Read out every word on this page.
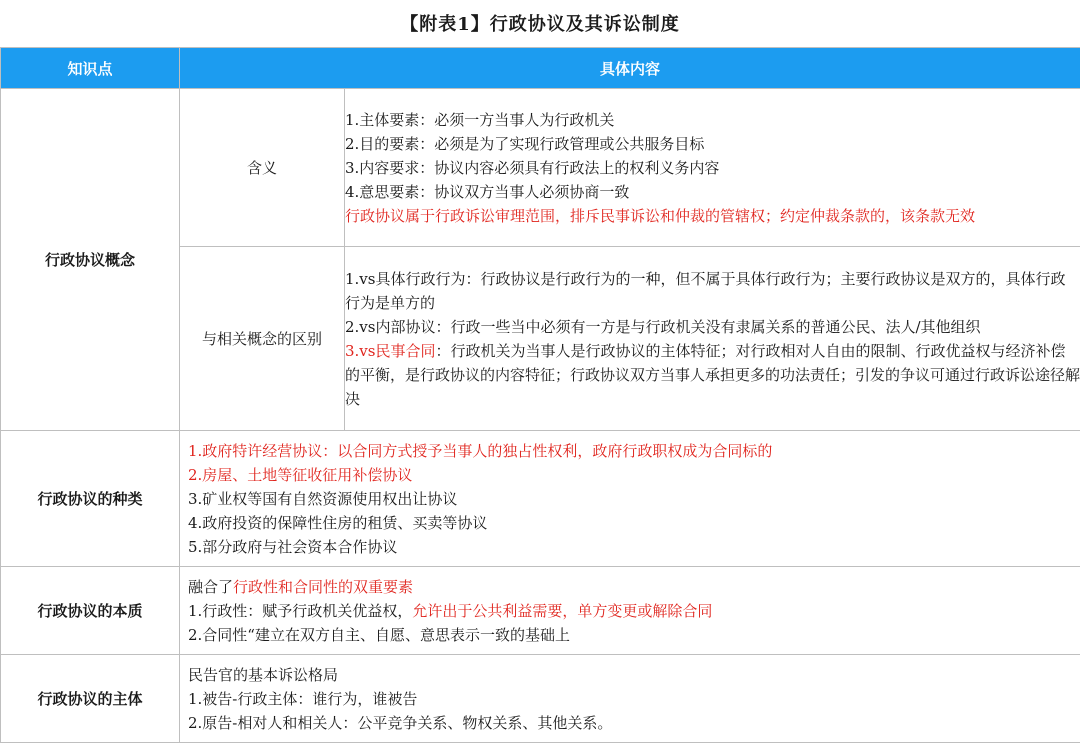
【附表1】行政协议及其诉讼制度
知识点	具体内容	
行政协议概念	含义	1.主体要素：必须一方当事人为行政机关
2.目的要素：必须是为了实现行政管理或公共服务目标
3.内容要求：协议内容必须具有行政法上的权利义务内容
4.意思要素：协议双方当事人必须协商一致
行政协议属于行政诉讼审理范围，排斥民事诉讼和仲裁的管辖权；约定仲裁条款的，该条款无效

	与相关概念的区别	1.vs具体行政行为：行政协议是行政行为的一种，但不属于具体行政行为；主要行政协议是双方的，具体行政行为是单方的
2.vs内部协议：行政一些当中必须有一方是与行政机关没有隶属关系的普通公民、法人/其他组织
3.vs民事合同：行政机关为当事人是行政协议的主体特征；对行政相对人自由的限制、行政优益权与经济补偿的平衡，是行政协议的内容特征；行政协议双方当事人承担更多的功法责任；引发的争议可通过行政诉讼途径解决

行政协议的种类	1.政府特许经营协议：以合同方式授予当事人的独占性权利，政府行政职权成为合同标的
2.房屋、土地等征收征用补偿协议
3.矿业权等国有自然资源使用权出让协议
4.政府投资的保障性住房的租赁、买卖等协议
5.部分政府与社会资本合作协议	

行政协议的本质	融合了行政性和合同性的双重要素
1.行政性：赋予行政机关优益权，允许出于公共利益需要，单方变更或解除合同
2.合同性“建立在双方自主、自愿、意思表示一致的基础上	

行政协议的主体	民告官的基本诉讼格局
1.被告-行政主体：谁行为，谁被告
2.原告-相对人和相关人：公平竞争关系、物权关系、其他关系。	
